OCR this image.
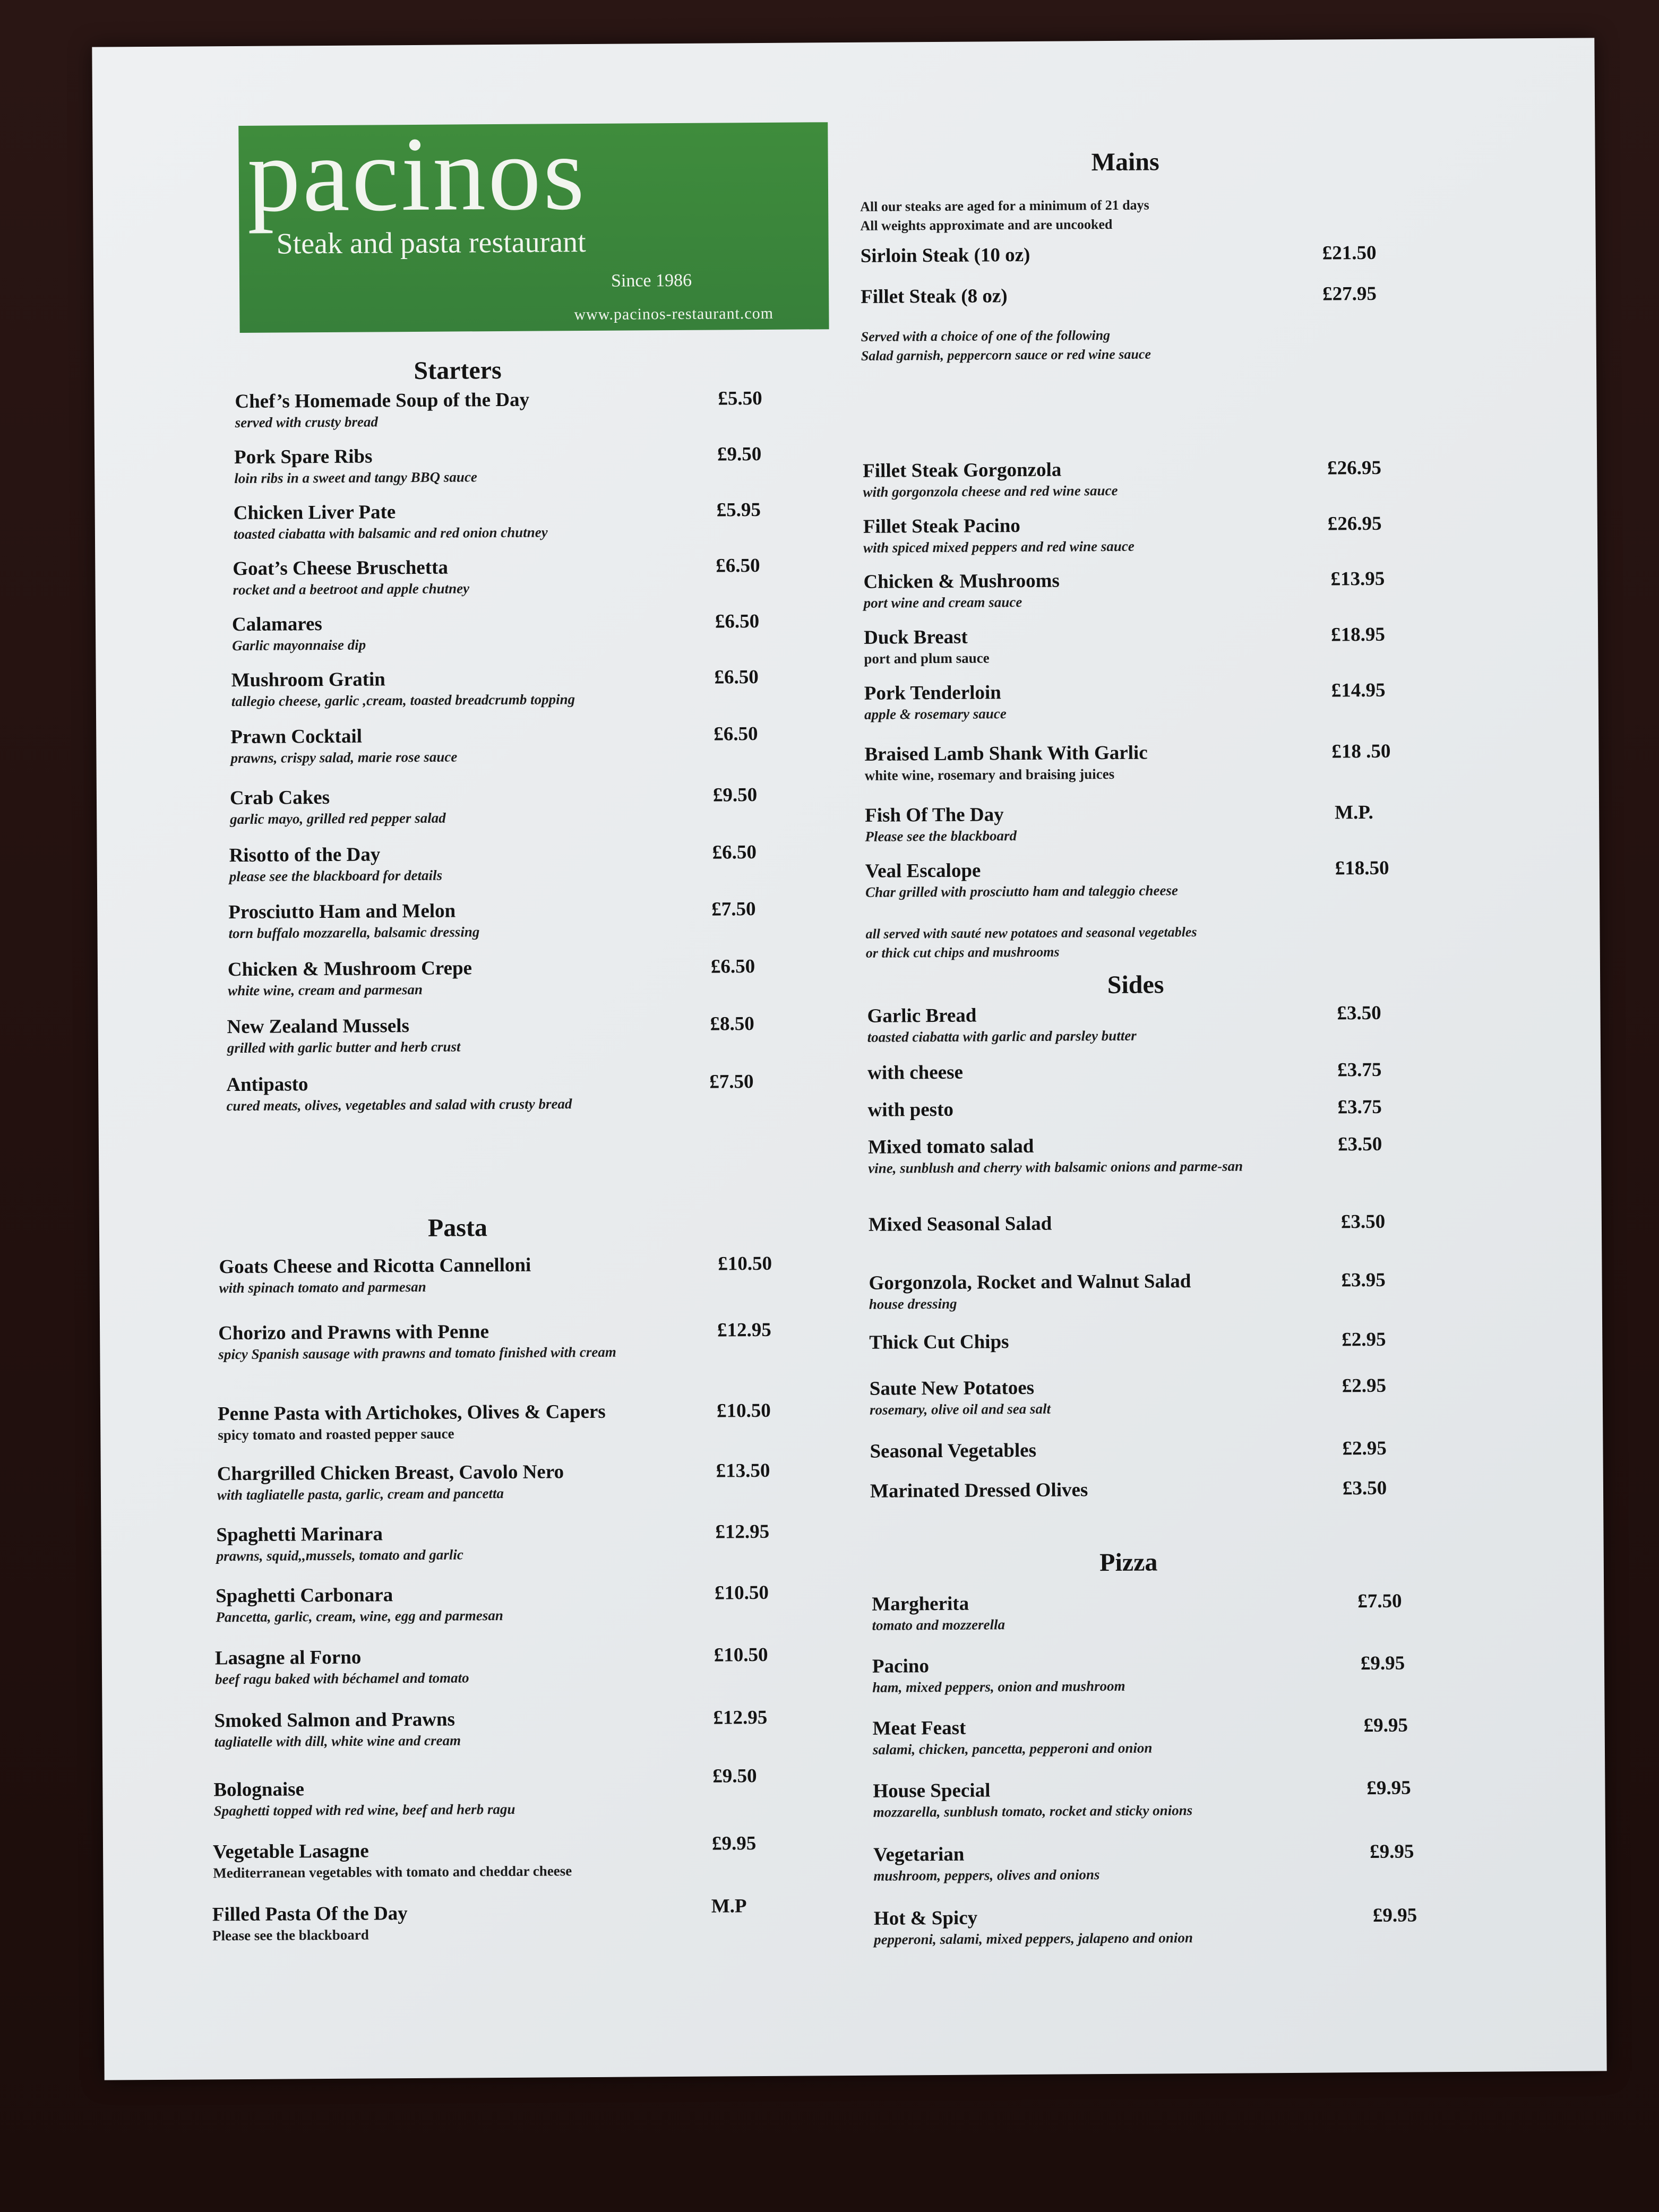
pacinos
Steak and pasta restaurant
Since 1986
www.pacinos-restaurant.com
Starters
Chef’s Homemade Soup of the Day
served with crusty bread
£5.50
Pork Spare Ribs
loin ribs in a sweet and tangy BBQ sauce
£9.50
Chicken Liver Pate
toasted ciabatta with balsamic and red onion chutney
£5.95
Goat’s Cheese Bruschetta
rocket and a beetroot and apple chutney
£6.50
Calamares
Garlic mayonnaise dip
£6.50
Mushroom Gratin
tallegio cheese, garlic ,cream, toasted breadcrumb topping
£6.50
Prawn Cocktail
prawns, crispy salad, marie rose sauce
£6.50
Crab Cakes
garlic mayo, grilled red pepper salad
£9.50
Risotto of the Day
please see the blackboard for details
£6.50
Prosciutto Ham and Melon
torn buffalo mozzarella, balsamic dressing
£7.50
Chicken & Mushroom Crepe
white wine, cream and parmesan
£6.50
New Zealand Mussels
grilled with garlic butter and herb crust
£8.50
Antipasto
cured meats, olives, vegetables and salad with crusty bread
£7.50
Pasta
Goats Cheese and Ricotta Cannelloni
with spinach tomato and parmesan
£10.50
Chorizo and Prawns with Penne
spicy Spanish sausage with prawns and tomato finished with cream
£12.95
Penne Pasta with Artichokes, Olives & Capers
spicy tomato and roasted pepper sauce
£10.50
Chargrilled Chicken Breast, Cavolo Nero
with tagliatelle pasta, garlic, cream and pancetta
£13.50
Spaghetti Marinara
prawns, squid,,mussels, tomato and garlic
£12.95
Spaghetti Carbonara
Pancetta, garlic, cream, wine, egg and parmesan
£10.50
Lasagne al Forno
beef ragu baked with béchamel and tomato
£10.50
Smoked Salmon and Prawns
tagliatelle with dill, white wine and cream
£12.95
Bolognaise
Spaghetti topped with red wine, beef and herb ragu
£9.50
Vegetable Lasagne
Mediterranean vegetables with tomato and cheddar cheese
£9.95
Filled Pasta Of the Day
Please see the blackboard
M.P
Mains
All our steaks are aged for a minimum of 21 days
All weights approximate and are uncooked
Sirloin Steak (10 oz)	£21.50
Fillet Steak (8 oz)	£27.95
Served with a choice of one of the following
Salad garnish, peppercorn sauce or red wine sauce
Fillet Steak Gorgonzola
with gorgonzola cheese and red wine sauce
£26.95
Fillet Steak Pacino
with spiced mixed peppers and red wine sauce
£26.95
Chicken & Mushrooms
port wine and cream sauce
£13.95
Duck Breast
port and plum sauce
£18.95
Pork Tenderloin
apple & rosemary sauce
£14.95
Braised Lamb Shank With Garlic
white wine, rosemary and braising juices
£18 .50
Fish Of The Day
Please see the blackboard
M.P.
Veal Escalope
Char grilled with prosciutto ham and taleggio cheese
£18.50
all served with sauté new potatoes and seasonal vegetables
or thick cut chips and mushrooms
Sides
Garlic Bread
toasted ciabatta with garlic and parsley butter
£3.50
with cheese	£3.75
with pesto	£3.75
Mixed tomato salad
vine, sunblush and cherry with balsamic onions and parme-san
£3.50
Mixed Seasonal Salad	£3.50
Gorgonzola, Rocket and Walnut Salad
house dressing
£3.95
Thick Cut Chips	£2.95
Saute New Potatoes
rosemary, olive oil and sea salt
£2.95
Seasonal Vegetables	£2.95
Marinated Dressed Olives	£3.50
Pizza
Margherita
tomato and mozzerella
£7.50
Pacino
ham, mixed peppers, onion and mushroom
£9.95
Meat Feast
salami, chicken, pancetta, pepperoni and onion
£9.95
House Special
mozzarella, sunblush tomato, rocket and sticky onions
£9.95
Vegetarian
mushroom, peppers, olives and onions
£9.95
Hot & Spicy
pepperoni, salami, mixed peppers, jalapeno and onion
£9.95
